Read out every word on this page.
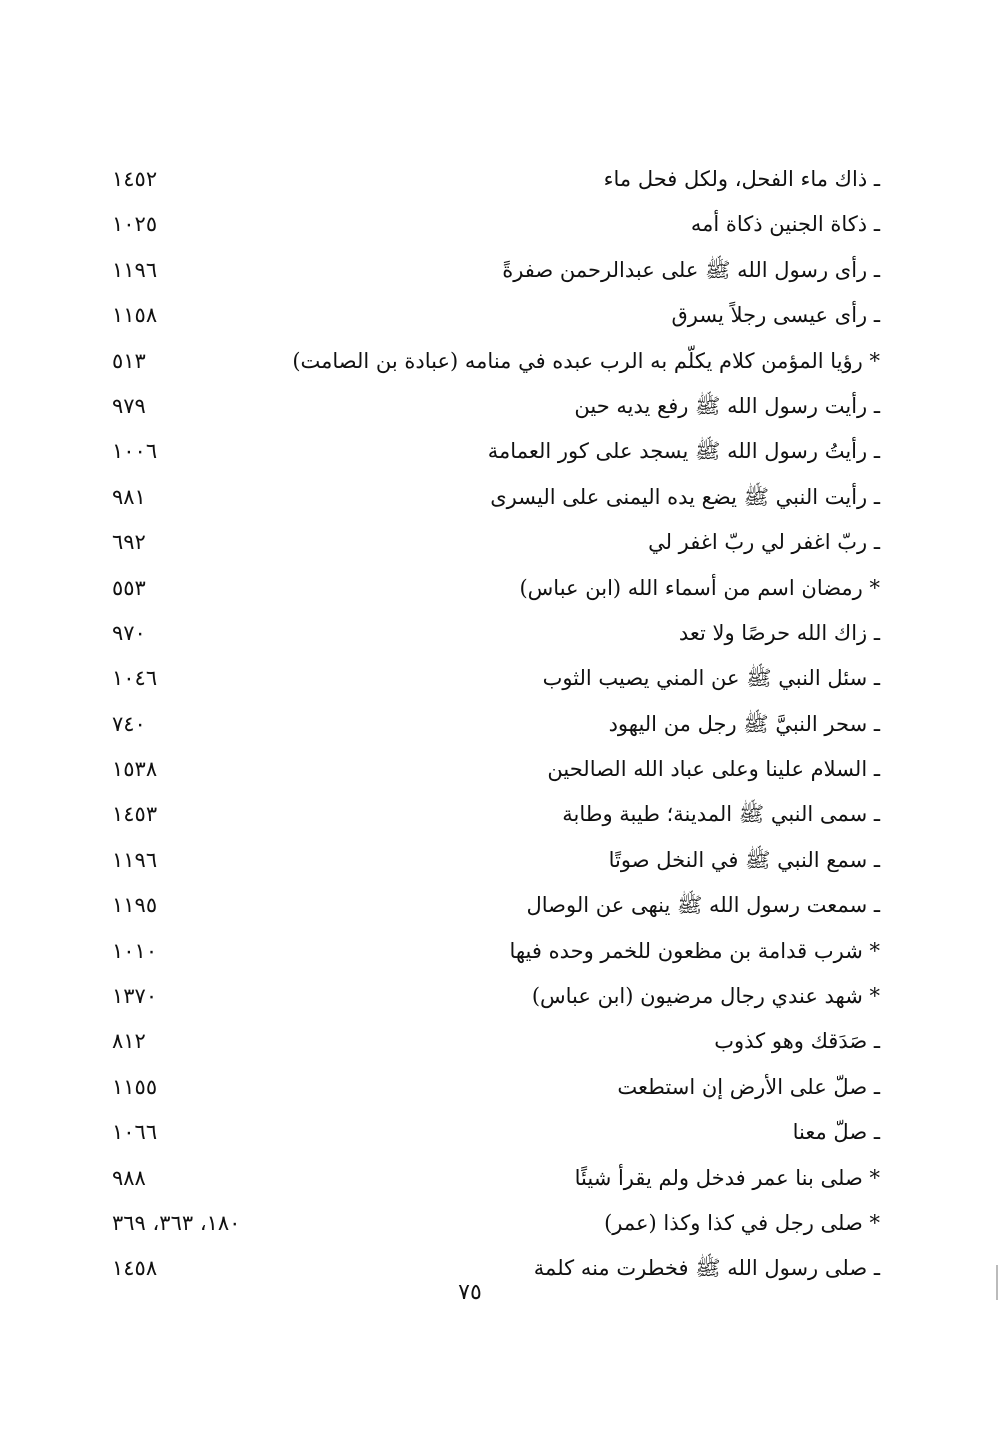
ـ ذاك ماء الفحل، ولكل فحل ماء
١٤٥٢
ـ ذكاة الجنين ذكاة أمه
١٠٢٥
ـ رأى رسول الله ﷺ على عبدالرحمن صفرةً
١١٩٦
ـ رأى عيسى رجلاً يسرق
١١٥٨
* رؤيا المؤمن كلام يكلّم به الرب عبده في منامه (عبادة بن الصامت)
٥١٣
ـ رأيت رسول الله ﷺ رفع يديه حين
٩٧٩
ـ رأيتُ رسول الله ﷺ يسجد على كور العمامة
١٠٠٦
ـ رأيت النبي ﷺ يضع يده اليمنى على اليسرى
٩٨١
ـ ربّ اغفر لي ربّ اغفر لي
٦٩٢
* رمضان اسم من أسماء الله (ابن عباس)
٥٥٣
ـ زاك الله حرصًا ولا تعد
٩٧٠
ـ سئل النبي ﷺ عن المني يصيب الثوب
١٠٤٦
ـ سحر النبيَّ ﷺ رجل من اليهود
٧٤٠
ـ السلام علينا وعلى عباد الله الصالحين
١٥٣٨
ـ سمى النبي ﷺ المدينة؛ طيبة وطابة
١٤٥٣
ـ سمع النبي ﷺ في النخل صوتًا
١١٩٦
ـ سمعت رسول الله ﷺ ينهى عن الوصال
١١٩٥
* شرب قدامة بن مظعون للخمر وحده فيها
١٠١٠
* شهد عندي رجال مرضيون (ابن عباس)
١٣٧٠
ـ صَدَقك وهو كذوب
٨١٢
ـ صلّ على الأرض إن استطعت
١١٥٥
ـ صلّ معنا
١٠٦٦
* صلى بنا عمر فدخل ولم يقرأ شيئًا
٩٨٨
* صلى رجل في كذا وكذا (عمر)
١٨٠، ٣٦٣، ٣٦٩
ـ صلى رسول الله ﷺ فخطرت منه كلمة
١٤٥٨
٧٥
